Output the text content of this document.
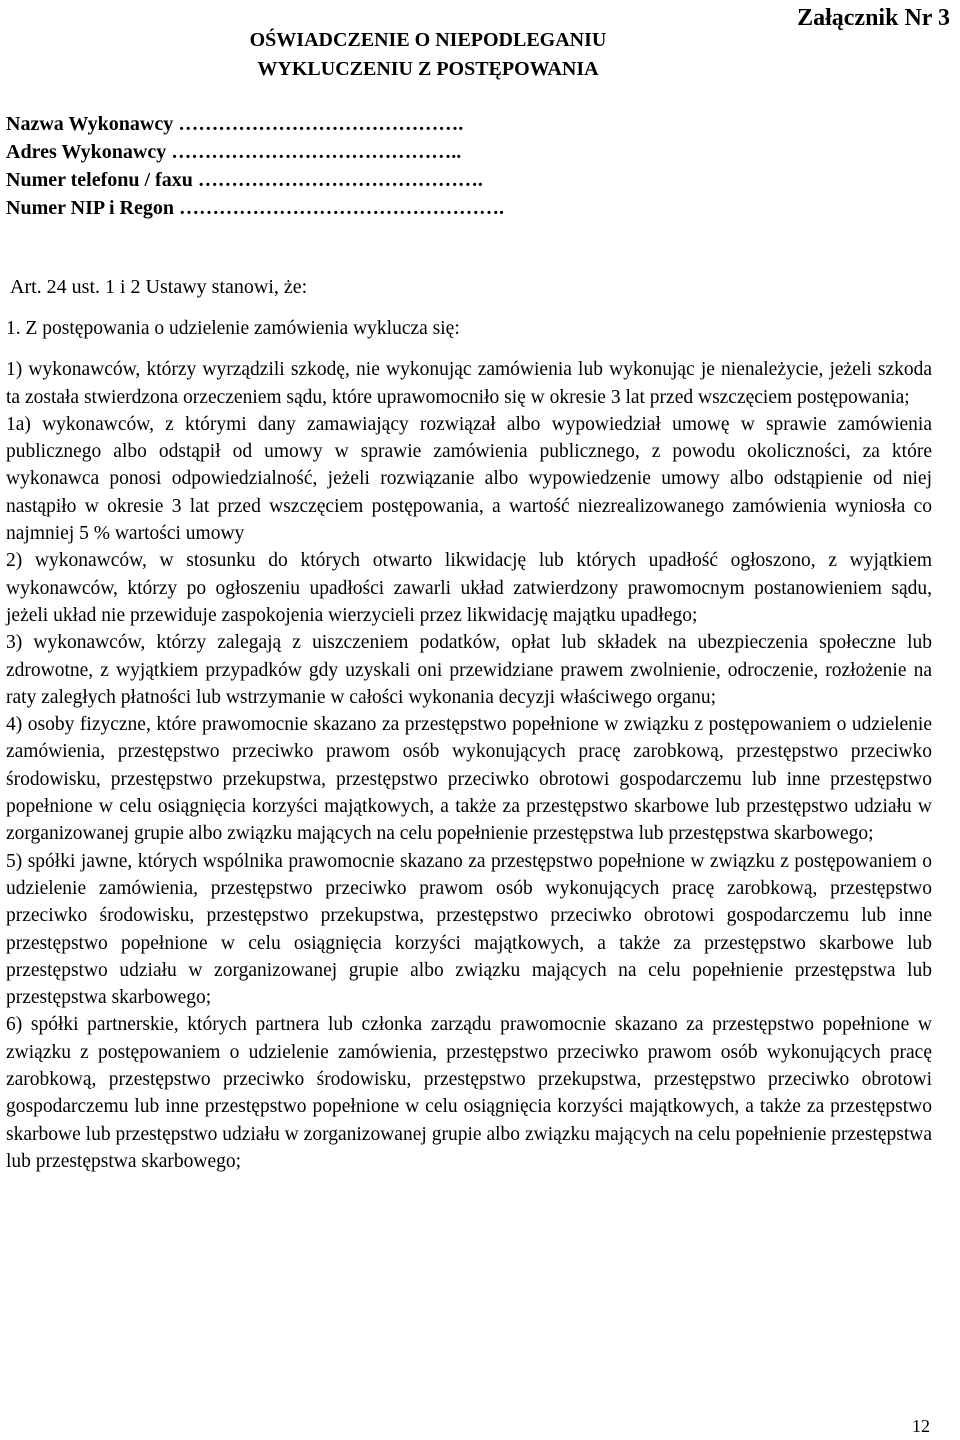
Załącznik Nr 3
OŚWIADCZENIE O NIEPODLEGANIU
WYKLUCZENIU Z POSTĘPOWANIA
Nazwa Wykonawcy …………………………………….
Adres Wykonawcy ……………………………………..
Numer telefonu / faxu …………………………………….
Numer NIP i Regon ………………………………………….
Art. 24 ust. 1 i 2 Ustawy stanowi, że:

1. Z postępowania o udzielenie zamówienia wyklucza się:

1) wykonawców, którzy wyrządzili szkodę, nie wykonując zamówienia lub wykonując je nienależycie, jeżeli szkoda ta została stwierdzona orzeczeniem sądu, które uprawomocniło się w okresie 3 lat przed wszczęciem postępowania;

1a) wykonawców, z którymi dany zamawiający rozwiązał albo wypowiedział umowę w sprawie zamówienia publicznego albo odstąpił od umowy w sprawie zamówienia publicznego, z powodu okoliczności, za które wykonawca ponosi odpowiedzialność, jeżeli rozwiązanie albo wypowiedzenie umowy albo odstąpienie od niej nastąpiło w okresie 3 lat przed wszczęciem postępowania, a wartość niezrealizowanego zamówienia wyniosła co najmniej 5 % wartości umowy

2) wykonawców, w stosunku do których otwarto likwidację lub których upadłość ogłoszono, z wyjątkiem wykonawców, którzy po ogłoszeniu upadłości zawarli układ zatwierdzony prawomocnym postanowieniem sądu, jeżeli układ nie przewiduje zaspokojenia wierzycieli przez likwidację majątku upadłego;

3) wykonawców, którzy zalegają z uiszczeniem podatków, opłat lub składek na ubezpieczenia społeczne lub zdrowotne, z wyjątkiem przypadków gdy uzyskali oni przewidziane prawem zwolnienie, odroczenie, rozłożenie na raty zaległych płatności lub wstrzymanie w całości wykonania decyzji właściwego organu;

4) osoby fizyczne, które prawomocnie skazano za przestępstwo popełnione w związku z postępowaniem o udzielenie zamówienia, przestępstwo przeciwko prawom osób wykonujących pracę zarobkową, przestępstwo przeciwko środowisku, przestępstwo przekupstwa, przestępstwo przeciwko obrotowi gospodarczemu lub inne przestępstwo popełnione w celu osiągnięcia korzyści majątkowych, a także za przestępstwo skarbowe lub przestępstwo udziału w zorganizowanej grupie albo związku mających na celu popełnienie przestępstwa lub przestępstwa skarbowego;

5) spółki jawne, których wspólnika prawomocnie skazano za przestępstwo popełnione w związku z postępowaniem o udzielenie zamówienia, przestępstwo przeciwko prawom osób wykonujących pracę zarobkową, przestępstwo przeciwko środowisku, przestępstwo przekupstwa, przestępstwo przeciwko obrotowi gospodarczemu lub inne przestępstwo popełnione w celu osiągnięcia korzyści majątkowych, a także za przestępstwo skarbowe lub przestępstwo udziału w zorganizowanej grupie albo związku mających na celu popełnienie przestępstwa lub przestępstwa skarbowego;

6) spółki partnerskie, których partnera lub członka zarządu prawomocnie skazano za przestępstwo popełnione w związku z postępowaniem o udzielenie zamówienia, przestępstwo przeciwko prawom osób wykonujących pracę zarobkową, przestępstwo przeciwko środowisku, przestępstwo przekupstwa, przestępstwo przeciwko obrotowi gospodarczemu lub inne przestępstwo popełnione w celu osiągnięcia korzyści majątkowych, a także za przestępstwo skarbowe lub przestępstwo udziału w zorganizowanej grupie albo związku mających na celu popełnienie przestępstwa lub przestępstwa skarbowego;

12
